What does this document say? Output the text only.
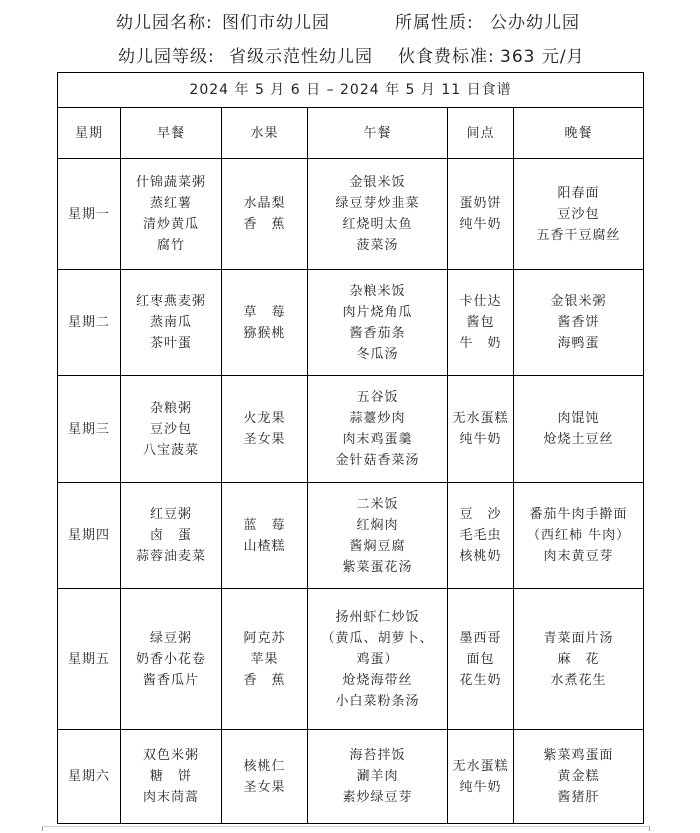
幼儿园名称: 图们市幼儿园	所属性质: 公办幼儿园
幼儿园等级: 省级示范性幼儿园 伙食费标准: 363 元/月
2024 年 5 月 6 日 – 2024 年 5 月 11 日食谱					
星期	早餐	水果	午餐	间点	晚餐
星期一	什锦蔬菜粥
蒸红薯
清炒黄瓜
腐竹	水晶梨
香　蕉	金银米饭
绿豆芽炒韭菜
红烧明太鱼
菠菜汤	蛋奶饼
纯牛奶	阳春面
豆沙包
五香干豆腐丝

星期二	红枣燕麦粥
蒸南瓜
茶叶蛋	草　莓
猕猴桃	杂粮米饭
肉片烧角瓜
酱香茄条
冬瓜汤	卡仕达
酱包
牛　奶	金银米粥
酱香饼
海鸭蛋

星期三	杂粮粥
豆沙包
八宝菠菜	火龙果
圣女果	五谷饭
蒜薹炒肉
肉末鸡蛋羹
金针菇香菜汤	无水蛋糕
纯牛奶	肉馄饨
炝烧土豆丝

星期四	红豆粥
卤　蛋
蒜蓉油麦菜	蓝　莓
山楂糕	二米饭
红焖肉
酱焖豆腐
紫菜蛋花汤	豆　沙
毛毛虫
核桃奶	番茄牛肉手擀面
（西红柿 牛肉）
肉末黄豆芽

星期五	绿豆粥
奶香小花卷
酱香瓜片	阿克苏
苹果
香　蕉	扬州虾仁炒饭
（黄瓜、胡萝卜、
鸡蛋）
炝烧海带丝
小白菜粉条汤	墨西哥
面包
花生奶	青菜面片汤
麻　花
水煮花生

星期六	双色米粥
糖　饼
肉末茼蒿	核桃仁
圣女果	海苔拌饭
涮羊肉
素炒绿豆芽	无水蛋糕
纯牛奶	紫菜鸡蛋面
黄金糕
酱猪肝
